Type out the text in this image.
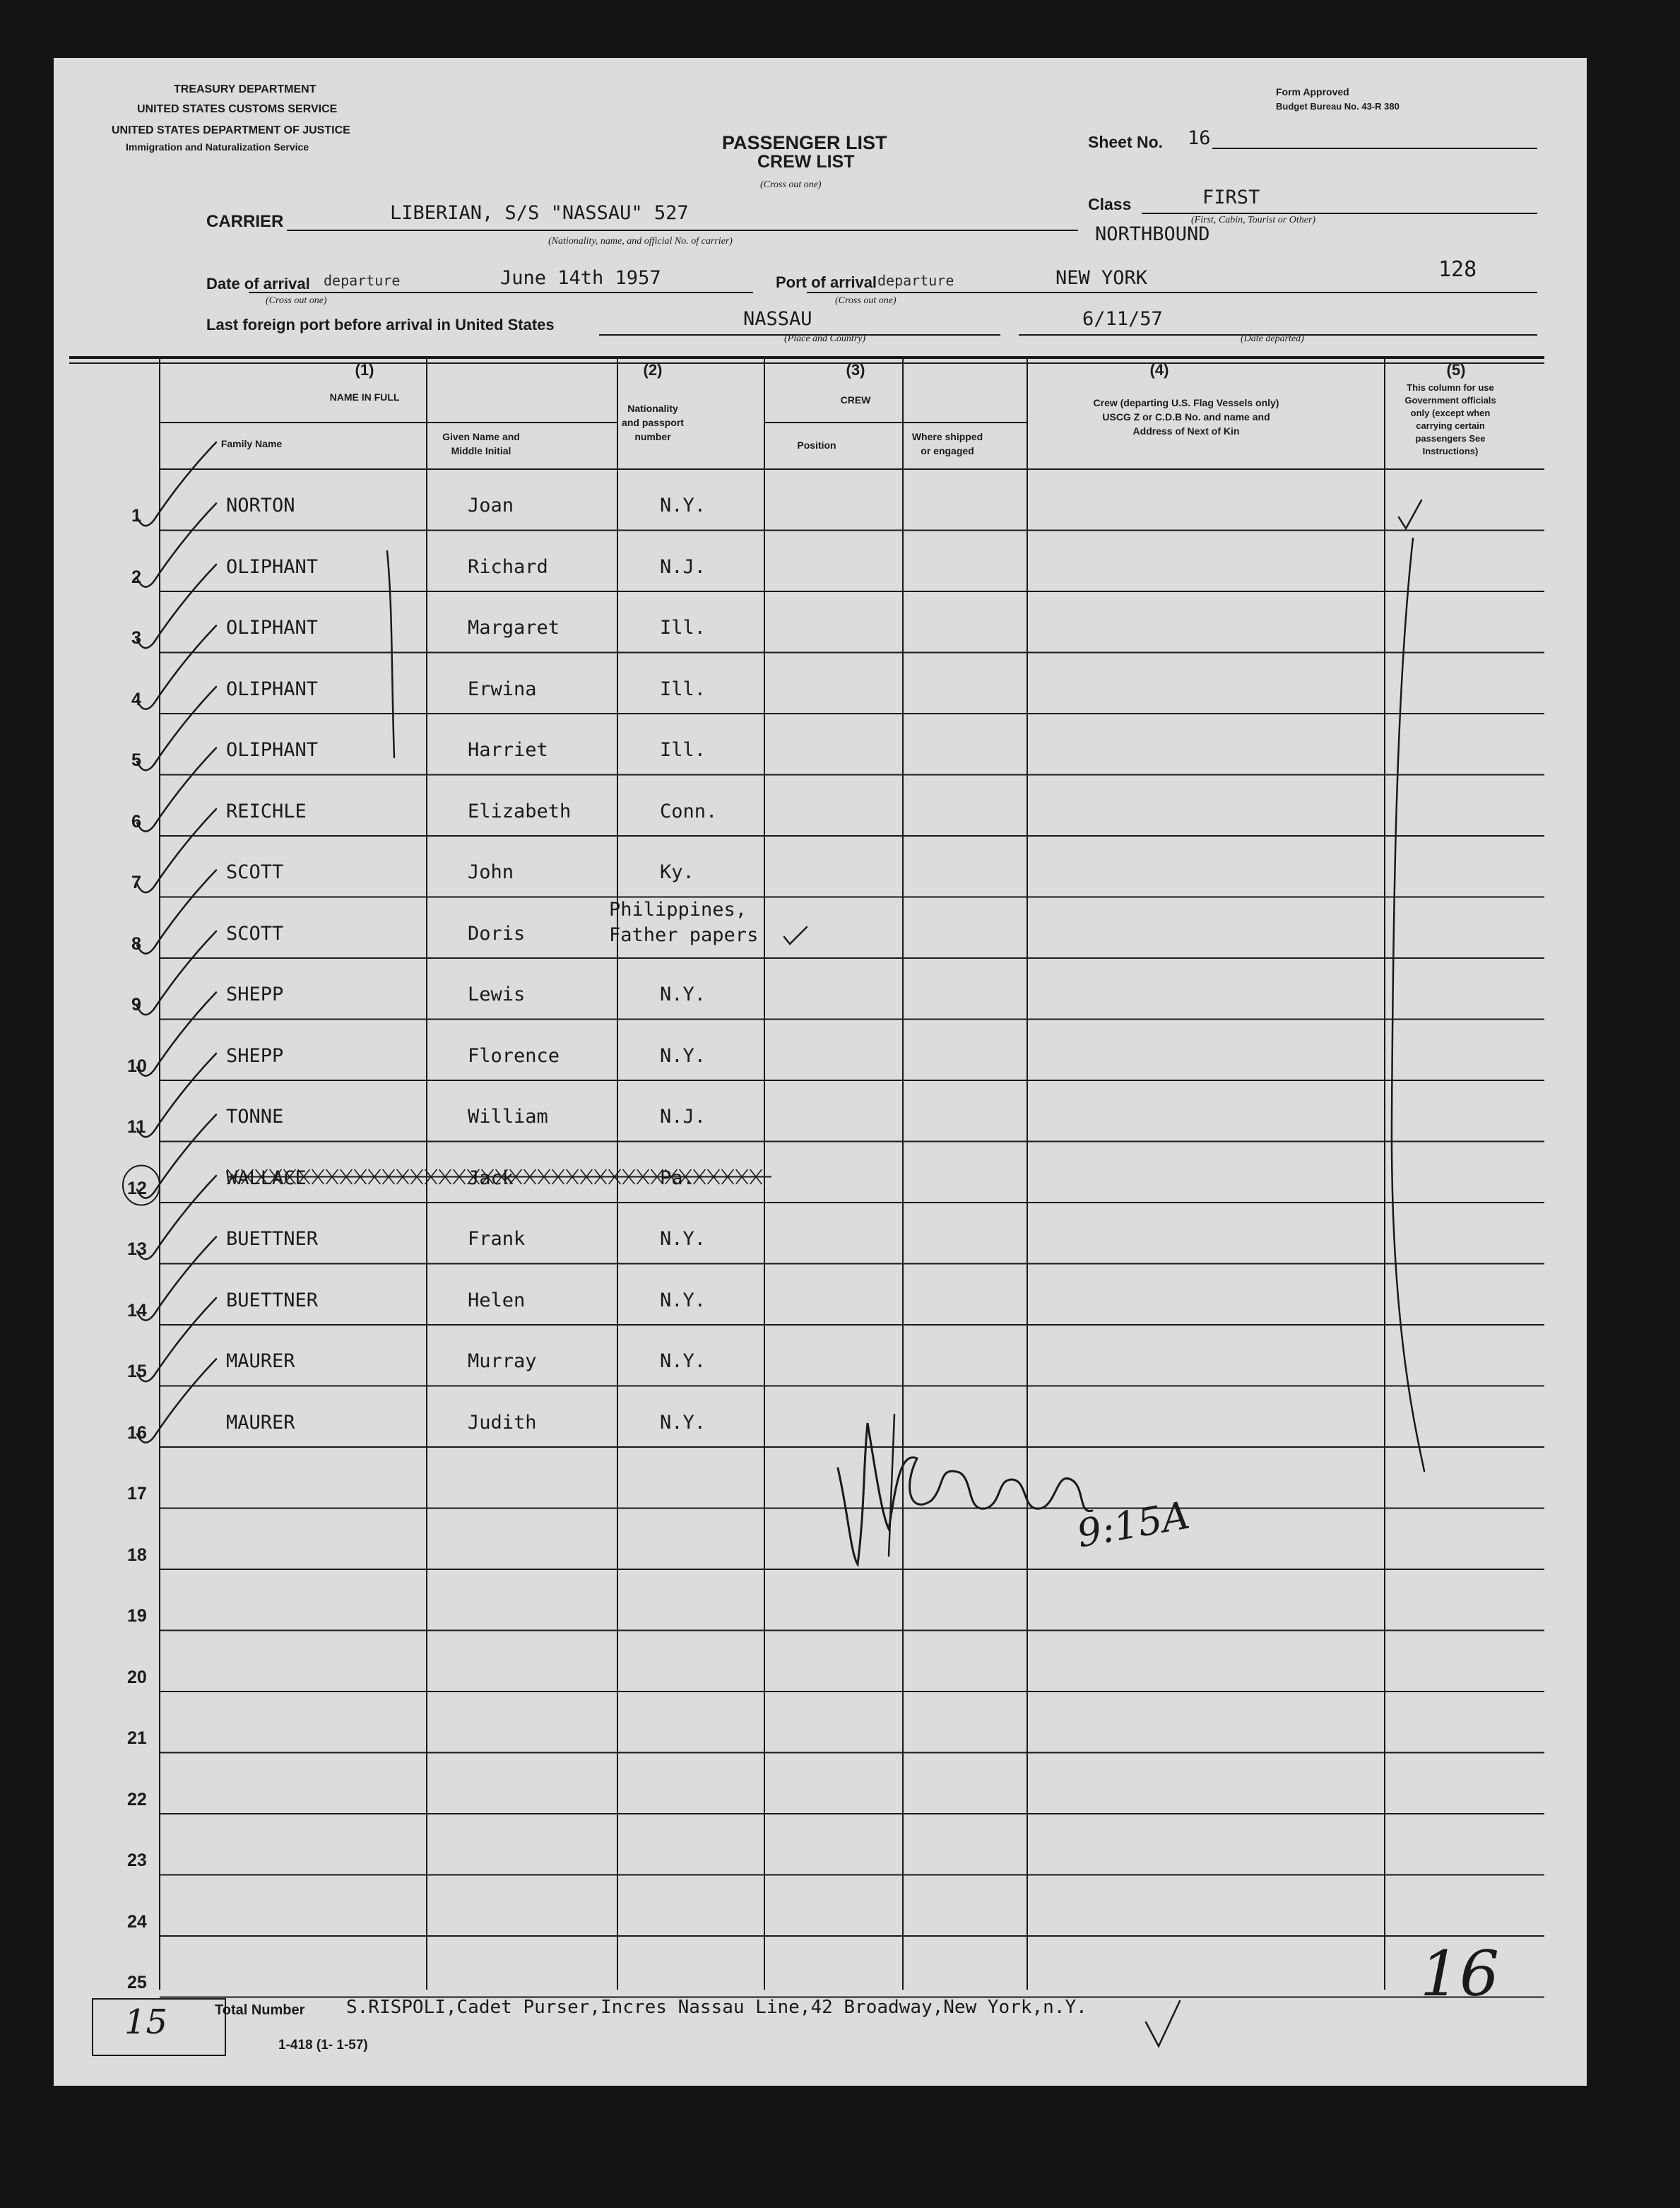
TREASURY DEPARTMENT
UNITED STATES CUSTOMS SERVICE
UNITED STATES DEPARTMENT OF JUSTICE
Immigration and Naturalization Service
Form Approved
Budget Bureau No. 43-R 380
PASSENGER LIST
CREW LIST
(Cross out one)
Sheet No. 16
Class	FIRST
(First, Cabin, Tourist or Other)
NORTHBOUND
CARRIER	LIBERIAN, S/S "NASSAU" 527
(Nationality, name, and official No. of carrier)
Date of arrival departure
(Cross out one)
June 14th 1957	Port of arrival departure
(Cross out one)
NEW YORK	128
Last foreign port before arrival in United States	NASSAU
(Place and Country)
6/11/57
(Date departed)
(1)
NAME IN FULL
Family Name
Given Name and Middle Initial
(2)
Nationality and passport number
(3)
CREW
Position
Where shipped or engaged
(4)
Crew (departing U.S. Flag Vessels only) USCG Z or C.D.B No. and name and Address of Next of Kin
(5)
This column for use Government officials only (except when carrying certain passengers See Instructions)
1	NORTON	Joan	N.Y.
2	OLIPHANT	Richard	N.J.
3	OLIPHANT	Margaret	Ill.
4	OLIPHANT	Erwina	Ill.
5	OLIPHANT	Harriet	Ill.
6	REICHLE	Elizabeth	Conn.
7	SCOTT	John	Ky.
8	SCOTT	Doris
Philippines,
Father papers
9	SHEPP	Lewis	N.Y.
10	SHEPP	Florence	N.Y.
11	TONNE	William	N.J.
12	WALLACE	Jack	Pa.
13	BUETTNER	Frank	N.Y.
14	BUETTNER	Helen	N.Y.
15	MAURER	Murray	N.Y.
16	MAURER	Judith	N.Y.
17
18
19
20
21
22
23
24
25
9:15A
15	Total Number
1-418 (1- 1-57)
S.RISPOLI,Cadet Purser,Incres Nassau Line,42 Broadway,New York,n.Y.	16
